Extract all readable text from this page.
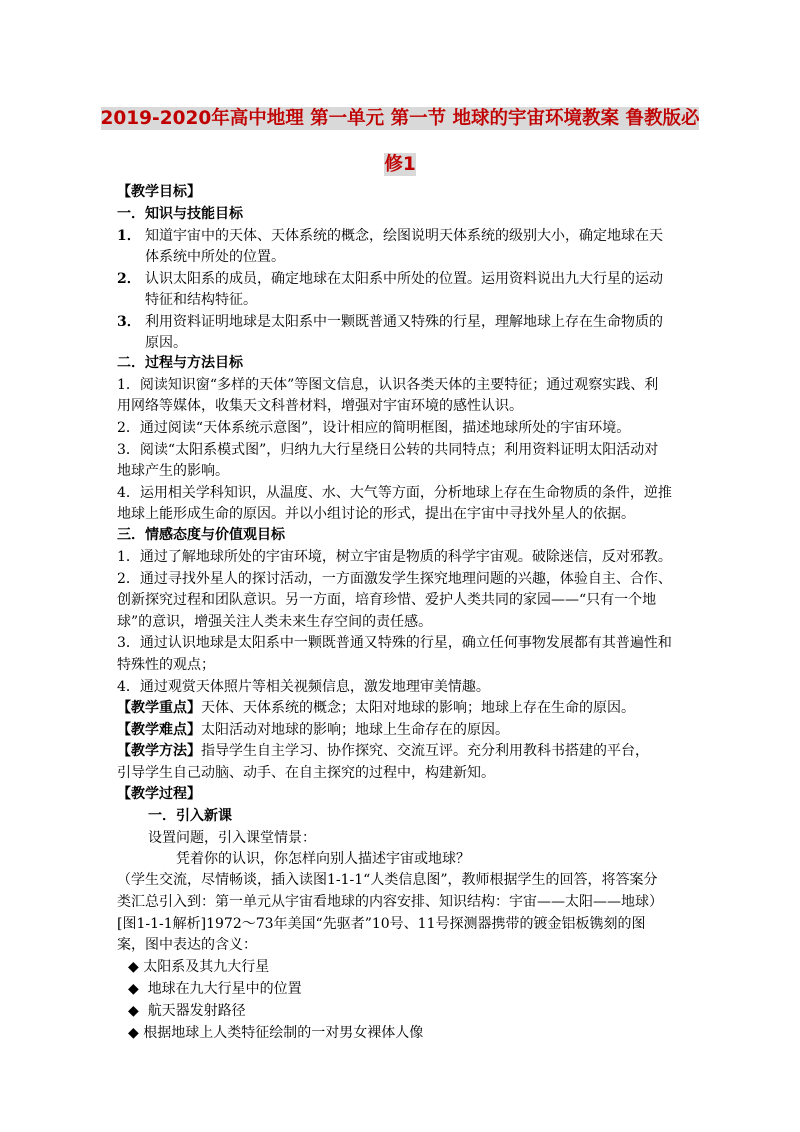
2019-2020年高中地理 第一单元 第一节 地球的宇宙环境教案 鲁教版必
修1
【教学目标】
一．知识与技能目标
1． 知道宇宙中的天体、天体系统的概念，绘图说明天体系统的级别大小，确定地球在天
体系统中所处的位置。
2． 认识太阳系的成员，确定地球在太阳系中所处的位置。运用资料说出九大行星的运动
特征和结构特征。
3． 利用资料证明地球是太阳系中一颗既普通又特殊的行星，理解地球上存在生命物质的
原因。
二．过程与方法目标
1．阅读知识窗“多样的天体”等图文信息，认识各类天体的主要特征；通过观察实践、利
用网络等媒体，收集天文科普材料，增强对宇宙环境的感性认识。
2．通过阅读“天体系统示意图”，设计相应的简明框图，描述地球所处的宇宙环境。
3．阅读“太阳系模式图”，归纳九大行星绕日公转的共同特点；利用资料证明太阳活动对
地球产生的影响。
4．运用相关学科知识，从温度、水、大气等方面，分析地球上存在生命物质的条件，逆推
地球上能形成生命的原因。并以小组讨论的形式，提出在宇宙中寻找外星人的依据。
三．情感态度与价值观目标
1．通过了解地球所处的宇宙环境，树立宇宙是物质的科学宇宙观。破除迷信，反对邪教。
2．通过寻找外星人的探讨活动，一方面激发学生探究地理问题的兴趣，体验自主、合作、
创新探究过程和团队意识。另一方面，培育珍惜、爱护人类共同的家园——“只有一个地
球”的意识，增强关注人类未来生存空间的责任感。
3．通过认识地球是太阳系中一颗既普通又特殊的行星，确立任何事物发展都有其普遍性和
特殊性的观点；
4．通过观赏天体照片等相关视频信息，激发地理审美情趣。
【教学重点】天体、天体系统的概念；太阳对地球的影响；地球上存在生命的原因。
【教学难点】太阳活动对地球的影响；地球上生命存在的原因。
【教学方法】指导学生自主学习、协作探究、交流互评。充分利用教科书搭建的平台，
引导学生自己动脑、动手、在自主探究的过程中，构建新知。
【教学过程】
一．引入新课
设置问题，引入课堂情景：
凭着你的认识，你怎样向别人描述宇宙或地球？
（学生交流，尽情畅谈，插入读图1-1-1“人类信息图”，教师根据学生的回答，将答案分
类汇总引入到：第一单元从宇宙看地球的内容安排、知识结构：宇宙——太阳——地球）
[图1-1-1解析]1972～73年美国“先驱者”10号、11号探测器携带的镀金铝板镌刻的图
案，图中表达的含义：
◆ 太阳系及其九大行星
◆ 地球在九大行星中的位置
◆ 航天器发射路径
◆ 根据地球上人类特征绘制的一对男女裸体人像
